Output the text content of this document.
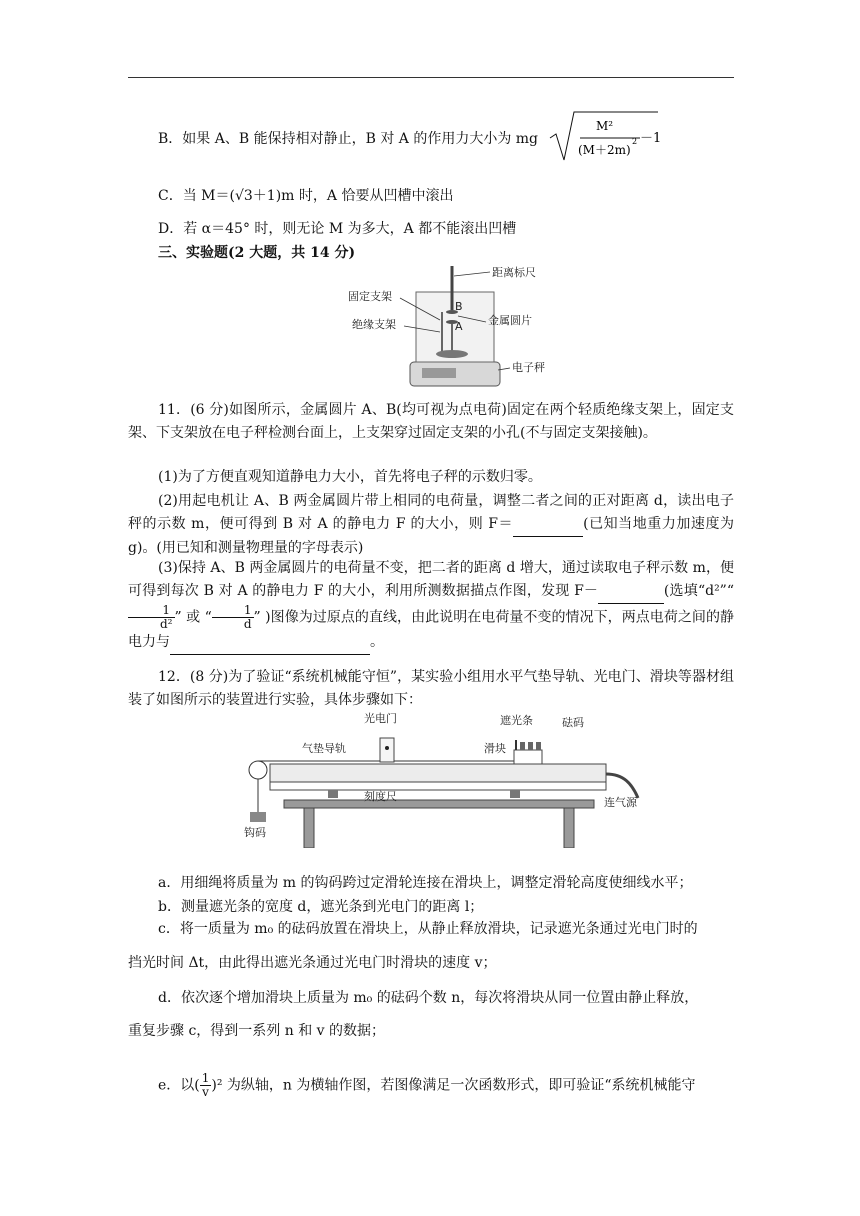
B．如果 A、B 能保持相对静止，B 对 A 的作用力大小为 mg
M²
(M＋2m)
2 －1
C．当 M＝(√3＋1)m 时，A 恰要从凹槽中滚出
D．若 α＝45° 时，则无论 M 为多大，A 都不能滚出凹槽
三、实验题(2 大题，共 14 分)
B
A
距离标尺
固定支架
绝缘支架	金属圆片
电子秤
11．(6 分)如图所示，金属圆片 A、B(均可视为点电荷)固定在两个轻质绝缘支架上，固定支架、下支架放在电子秤检测台面上，上支架穿过固定支架的小孔(不与固定支架接触)。
(1)为了方便直观知道静电力大小，首先将电子秤的示数归零。
(2)用起电机让 A、B 两金属圆片带上相同的电荷量，调整二者之间的正对距离 d，读出电子秤的示数 m，便可得到 B 对 A 的静电力 F 的大小，则 F＝	(已知当地重力加速度为 g)。(用已知和测量物理量的字母表示)
(3)保持 A、B 两金属圆片的电荷量不变，把二者的距离 d 增大，通过读取电子秤示数 m，便可得到每次 B 对 A 的静电力 F 的大小，利用所测数据描点作图，发现 F－	(选填“d²”“
$\frac{1}{\text{d²}}$ ” 或 “ $\frac{1}{d}$ ” )图像为过原点的直线，由此说明在电荷量不变的情况下，两点电荷之间的静电力与	。
12．(8 分)为了验证“系统机械能守恒”，某实验小组用水平气垫导轨、光电门、滑块等器材组装了如图所示的装置进行实验，具体步骤如下：
钩码
光电门	遮光条	砝码
滑块
气垫导轨
刻度尺	连气源
a．用细绳将质量为 m 的钩码跨过定滑轮连接在滑块上，调整定滑轮高度使细线水平；
b．测量遮光条的宽度 d，遮光条到光电门的距离 l；
c．将一质量为 m₀ 的砝码放置在滑块上，从静止释放滑块，记录遮光条通过光电门时的
挡光时间 Δt，由此得出遮光条通过光电门时滑块的速度 v；
d．依次逐个增加滑块上质量为 m₀ 的砝码个数 n，每次将滑块从同一位置由静止释放，
重复步骤 c，得到一系列 n 和 v 的数据；
e．以( $\frac{1}{v} )^2$ 为纵轴，n 为横轴作图，若图像满足一次函数形式，即可验证“系统机械能守
